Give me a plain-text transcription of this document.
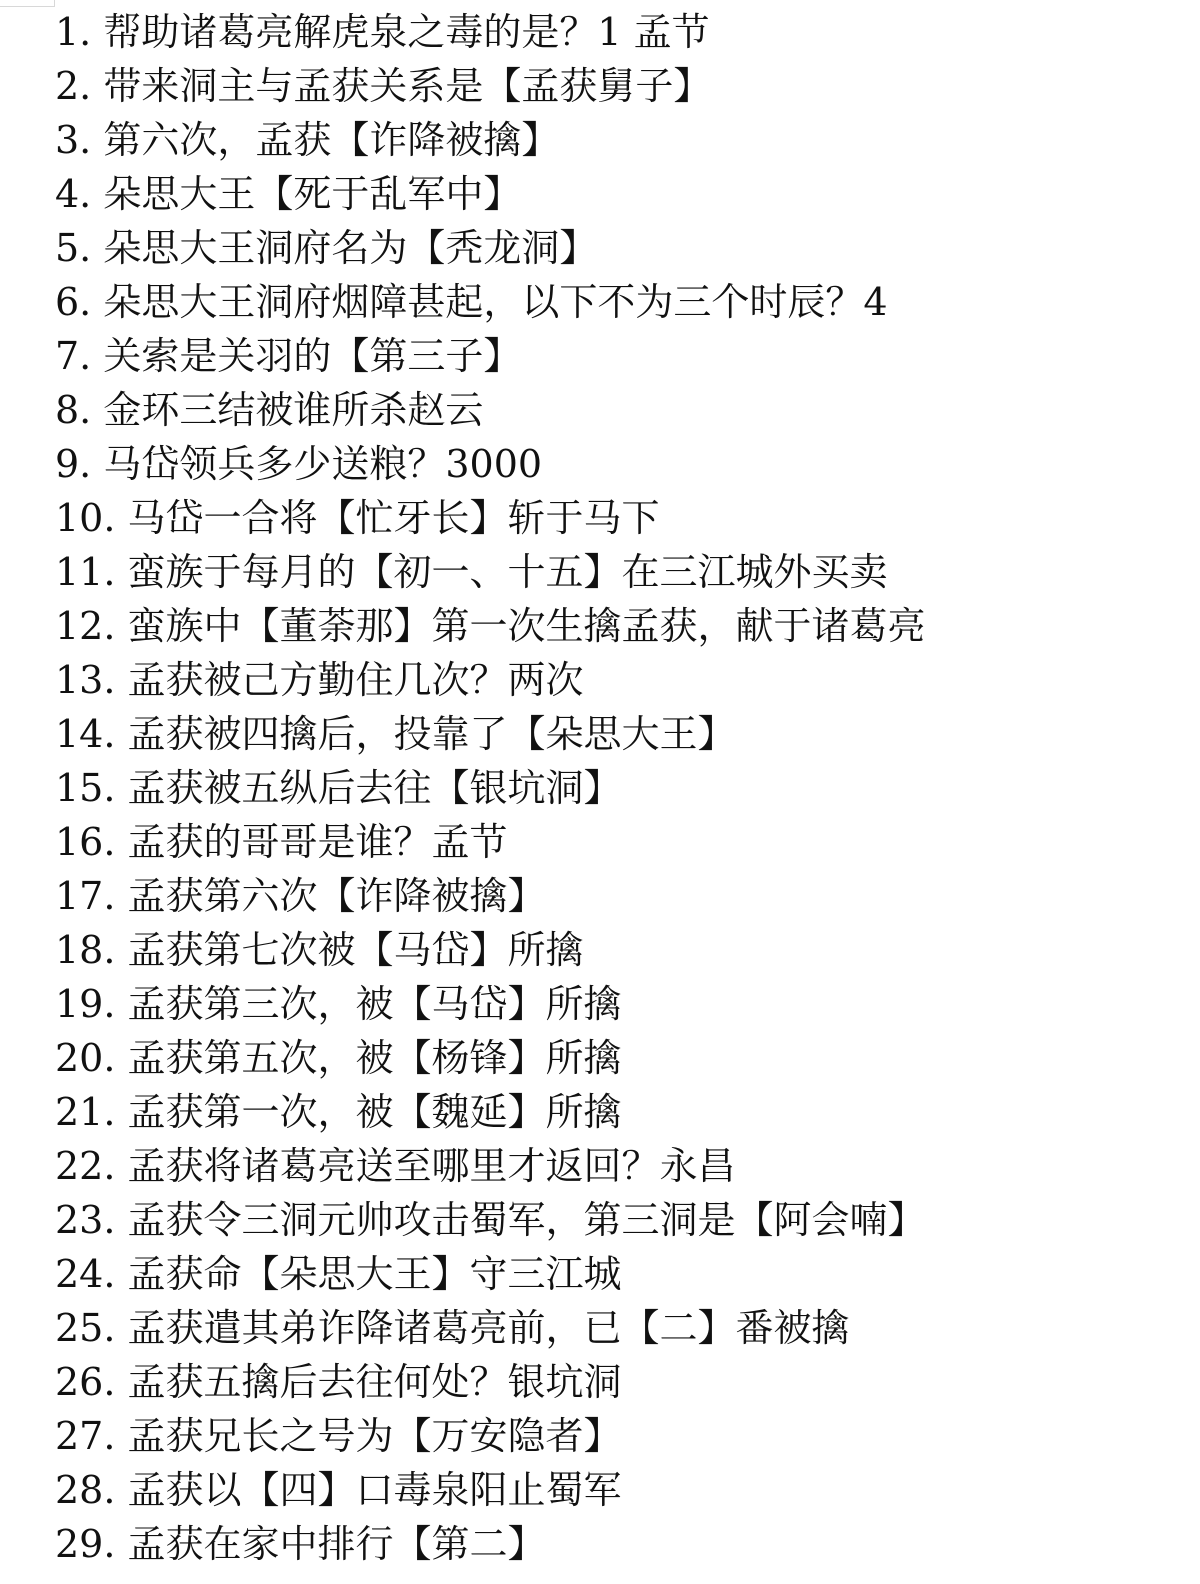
1. 帮助诸葛亮解虎泉之毒的是？1 孟节
2. 带来洞主与孟获关系是【孟获舅子】
3. 第六次，孟获【诈降被擒】
4. 朵思大王【死于乱军中】
5. 朵思大王洞府名为【秃龙洞】
6. 朵思大王洞府烟障甚起，以下不为三个时辰？4
7. 关索是关羽的【第三子】
8. 金环三结被谁所杀赵云
9. 马岱领兵多少送粮？3000
10. 马岱一合将【忙牙长】斩于马下
11. 蛮族于每月的【初一、十五】在三江城外买卖
12. 蛮族中【董荼那】第一次生擒孟获，献于诸葛亮
13. 孟获被己方勤住几次？两次
14. 孟获被四擒后，投靠了【朵思大王】
15. 孟获被五纵后去往【银坑洞】
16. 孟获的哥哥是谁？孟节
17. 孟获第六次【诈降被擒】
18. 孟获第七次被【马岱】所擒
19. 孟获第三次，被【马岱】所擒
20. 孟获第五次，被【杨锋】所擒
21. 孟获第一次，被【魏延】所擒
22. 孟获将诸葛亮送至哪里才返回？永昌
23. 孟获令三洞元帅攻击蜀军，第三洞是【阿会喃】
24. 孟获命【朵思大王】守三江城
25. 孟获遣其弟诈降诸葛亮前，已【二】番被擒
26. 孟获五擒后去往何处？银坑洞
27. 孟获兄长之号为【万安隐者】
28. 孟获以【四】口毒泉阳止蜀军
29. 孟获在家中排行【第二】
